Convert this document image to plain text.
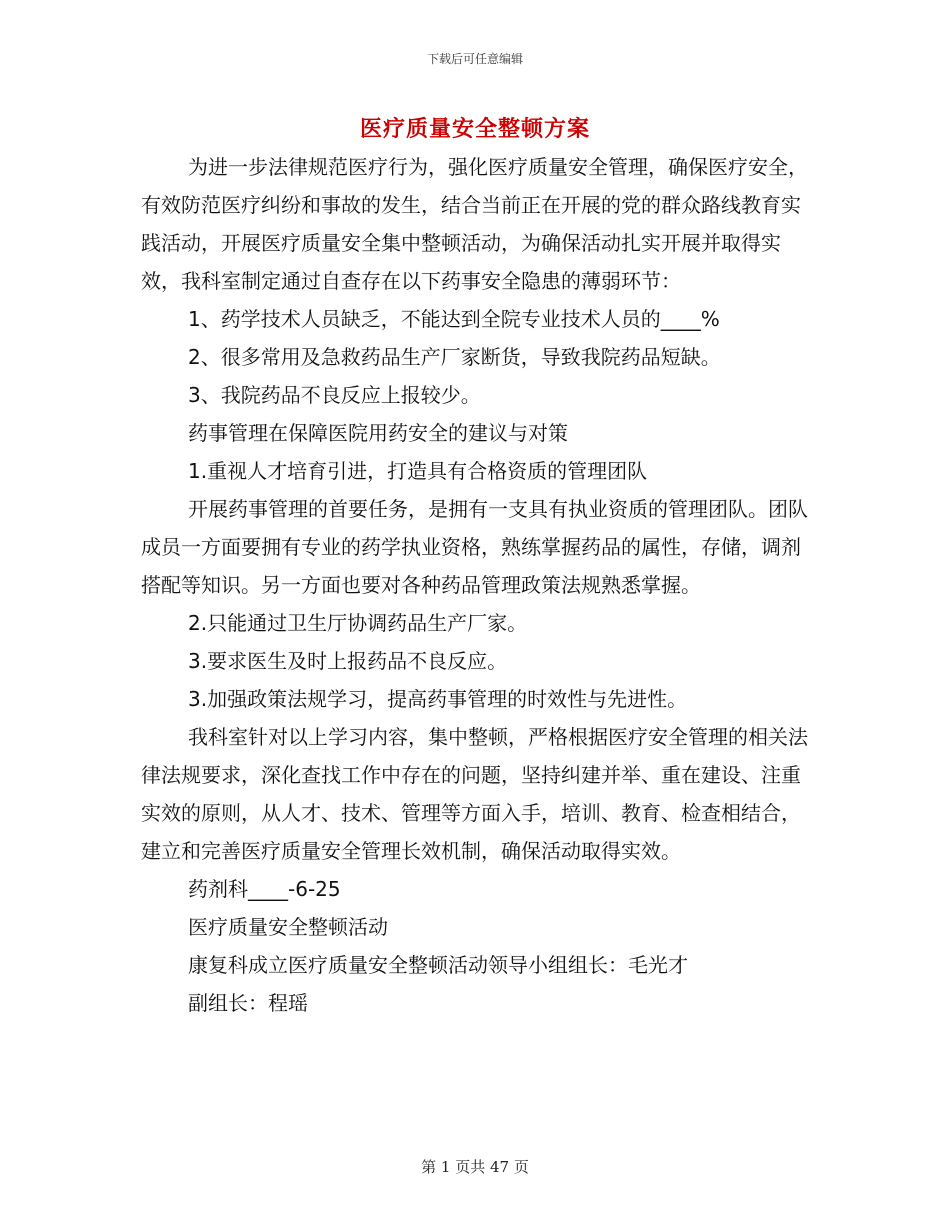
下载后可任意编辑
医疗质量安全整顿方案

为进一步法律规范医疗行为，强化医疗质量安全管理，确保医疗安全，有效防范医疗纠纷和事故的发生，结合当前正在开展的党的群众路线教育实践活动，开展医疗质量安全集中整顿活动，为确保活动扎实开展并取得实效，我科室制定通过自查存在以下药事安全隐患的薄弱环节：

1、药学技术人员缺乏，不能达到全院专业技术人员的____%

2、很多常用及急救药品生产厂家断货，导致我院药品短缺。

3、我院药品不良反应上报较少。

药事管理在保障医院用药安全的建议与对策

1.重视人才培育引进，打造具有合格资质的管理团队

开展药事管理的首要任务，是拥有一支具有执业资质的管理团队。团队成员一方面要拥有专业的药学执业资格，熟练掌握药品的属性，存储，调剂搭配等知识。另一方面也要对各种药品管理政策法规熟悉掌握。

2.只能通过卫生厅协调药品生产厂家。

3.要求医生及时上报药品不良反应。

3.加强政策法规学习，提高药事管理的时效性与先进性。

我科室针对以上学习内容，集中整顿，严格根据医疗安全管理的相关法律法规要求，深化查找工作中存在的问题，坚持纠建并举、重在建设、注重实效的原则，从人才、技术、管理等方面入手，培训、教育、检查相结合，建立和完善医疗质量安全管理长效机制，确保活动取得实效。

药剂科____-6-25

医疗质量安全整顿活动

康复科成立医疗质量安全整顿活动领导小组组长：毛光才

副组长：程瑶

第 1 页共 47 页
